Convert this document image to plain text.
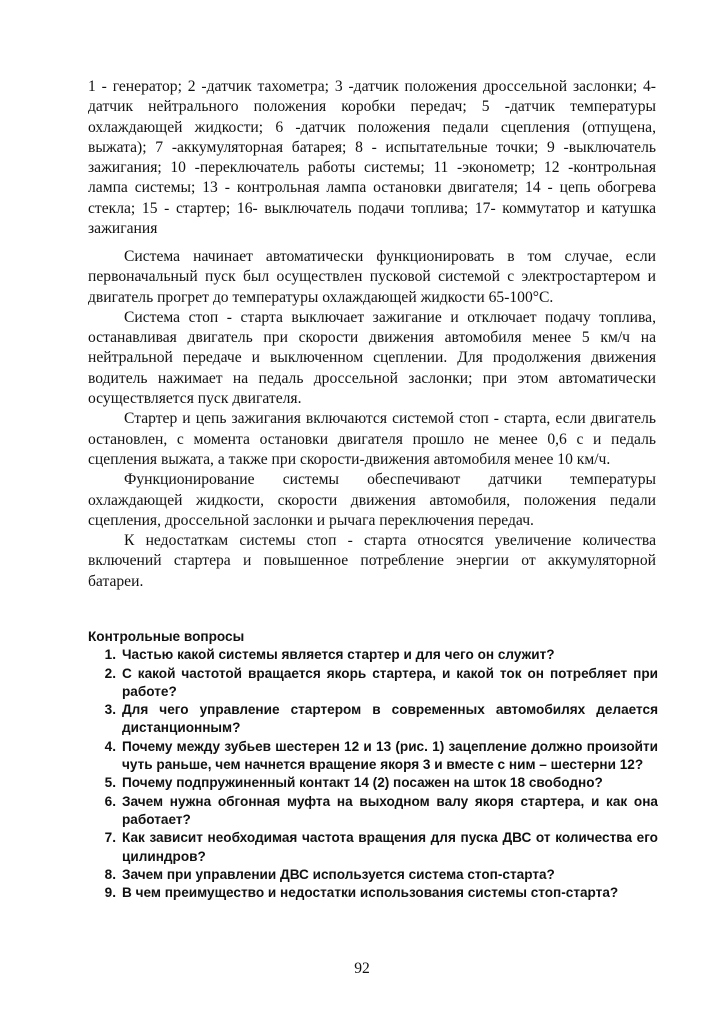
1 - генератор; 2 -датчик тахометра; 3 -датчик положения дроссельной заслонки; 4-датчик нейтрального положения коробки передач; 5 -датчик температуры охлаждающей жидкости; 6 -датчик положения педали сцепления (отпущена, выжата); 7 -аккумуляторная батарея; 8 - испытательные точки; 9 -выключатель зажигания; 10 -переключатель работы системы; 11 -эконометр; 12 -контрольная лампа системы; 13 - контрольная лампа остановки двигателя; 14 - цепь обогрева стекла; 15 - стартер; 16- выключатель подачи топлива; 17- коммутатор и катушка зажигания

Система начинает автоматически функционировать в том случае, если первоначальный пуск был осуществлен пусковой системой с электростартером и двигатель прогрет до температуры охлаждающей жидкости 65-100°С.

Система стоп - старта выключает зажигание и отключает подачу топлива, останавливая двигатель при скорости движения автомобиля менее 5 км/ч на нейтральной передаче и выключенном сцеплении. Для продолжения движения водитель нажимает на педаль дроссельной заслонки; при этом автоматически осуществляется пуск двигателя.

Стартер и цепь зажигания включаются системой стоп - старта, если двигатель остановлен, с момента остановки двигателя прошло не менее 0,6 с и педаль сцепления выжата, а также при скорости-движения автомобиля менее 10 км/ч.

Функционирование системы обеспечивают датчики температуры охлаждающей жидкости, скорости движения автомобиля, положения педали сцепления, дроссельной заслонки и рычага переключения передач.

К недостаткам системы стоп - старта относятся увеличение количества включений стартера и повышенное потребление энергии от аккумуляторной батареи.

Контрольные вопросы

1. Частью какой системы является стартер и для чего он служит?
2. С какой частотой вращается якорь стартера, и какой ток он потребляет при работе?
3. Для чего управление стартером в современных автомобилях делается дистанционным?
4. Почему между зубьев шестерен 12 и 13 (рис. 1) зацепление должно произойти чуть раньше, чем начнется вращение якоря 3 и вместе с ним – шестерни 12?
5. Почему подпружиненный контакт 14 (2) посажен на шток 18 свободно?
6. Зачем нужна обгонная муфта на выходном валу якоря стартера, и как она работает?
7. Как зависит необходимая частота вращения для пуска ДВС от количества его цилиндров?
8. Зачем при управлении ДВС используется система стоп-старта?
9. В чем преимущество и недостатки использования системы стоп-старта?
92
